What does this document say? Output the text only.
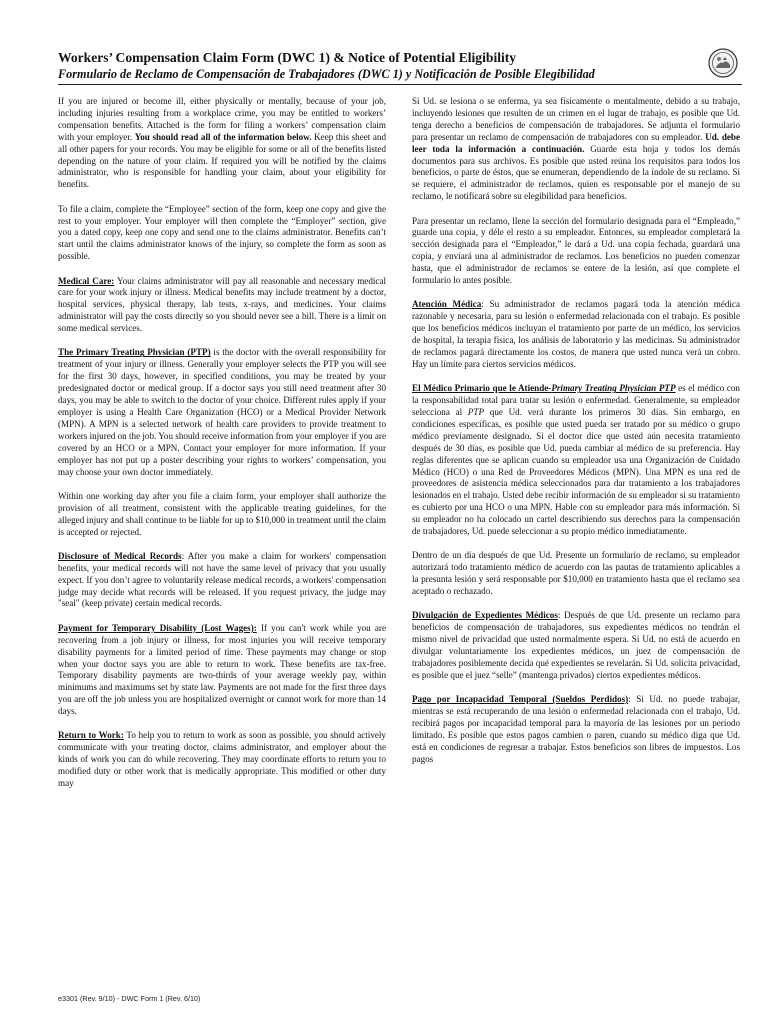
Workers’ Compensation Claim Form (DWC 1) & Notice of Potential Eligibility
Formulario de Reclamo de Compensación de Trabajadores (DWC 1) y Notificación de Posible Elegibilidad

If you are injured or become ill, either physically or mentally, because of your job, including injuries resulting from a workplace crime, you may be entitled to workers’ compensation benefits. Attached is the form for filing a workers’ compensation claim with your employer. You should read all of the information below. Keep this sheet and all other papers for your records. You may be eligible for some or all of the benefits listed depending on the nature of your claim. If required you will be notified by the claims administrator, who is responsible for handling your claim, about your eligibility for benefits.

To file a claim, complete the “Employee” section of the form, keep one copy and give the rest to your employer. Your employer will then complete the “Employer” section, give you a dated copy, keep one copy and send one to the claims administrator. Benefits can’t start until the claims administrator knows of the injury, so complete the form as soon as possible.

Medical Care: Your claims administrator will pay all reasonable and necessary medical care for your work injury or illness. Medical benefits may include treatment by a doctor, hospital services, physical therapy, lab tests, x-rays, and medicines. Your claims administrator will pay the costs directly so you should never see a bill. There is a limit on some medical services.

The Primary Treating Physician (PTP) is the doctor with the overall responsibility for treatment of your injury or illness. Generally your employer selects the PTP you will see for the first 30 days, however, in specified conditions, you may be treated by your predesignated doctor or medical group. If a doctor says you still need treatment after 30 days, you may be able to switch to the doctor of your choice. Different rules apply if your employer is using a Health Care Organization (HCO) or a Medical Provider Network (MPN). A MPN is a selected network of health care providers to provide treatment to workers injured on the job. You should receive information from your employer if you are covered by an HCO or a MPN. Contact your employer for more information. If your employer has not put up a poster describing your rights to workers’ compensation, you may choose your own doctor immediately.

Within one working day after you file a claim form, your employer shall authorize the provision of all treatment, consistent with the applicable treating guidelines, for the alleged injury and shall continue to be liable for up to $10,000 in treatment until the claim is accepted or rejected.

Disclosure of Medical Records: After you make a claim for workers' compensation benefits, your medical records will not have the same level of privacy that you usually expect. If you don’t agree to voluntarily release medical records, a workers' compensation judge may decide what records will be released. If you request privacy, the judge may "seal" (keep private) certain medical records.

Payment for Temporary Disability (Lost Wages): If you can't work while you are recovering from a job injury or illness, for most injuries you will receive temporary disability payments for a limited period of time. These payments may change or stop when your doctor says you are able to return to work. These benefits are tax-free. Temporary disability payments are two-thirds of your average weekly pay, within minimums and maximums set by state law. Payments are not made for the first three days you are off the job unless you are hospitalized overnight or cannot work for more than 14 days.

Return to Work: To help you to return to work as soon as possible, you should actively communicate with your treating doctor, claims administrator, and employer about the kinds of work you can do while recovering. They may coordinate efforts to return you to modified duty or other work that is medically appropriate. This modified or other duty may

Si Ud. se lesiona o se enferma, ya sea físicamente o mentalmente, debido a su trabajo, incluyendo lesiones que resulten de un crimen en el lugar de trabajo, es posible que Ud. tenga derecho a beneficios de compensación de trabajadores. Se adjunta el formulario para presentar un reclamo de compensación de trabajadores con su empleador. Ud. debe leer toda la información a continuación. Guarde esta hoja y todos los demás documentos para sus archivos. Es posible que usted reúna los requisitos para todos los beneficios, o parte de éstos, que se enumeran, dependiendo de la índole de su reclamo. Si se requiere, el administrador de reclamos, quien es responsable por el manejo de su reclamo, le notificará sobre su elegibilidad para beneficios.

Para presentar un reclamo, llene la sección del formulario designada para el “Empleado,” guarde una copia, y déle el resto a su empleador. Entonces, su empleador completará la sección designada para el “Empleador,” le dará a Ud. una copia fechada, guardará una copia, y enviará una al administrador de reclamos. Los beneficios no pueden comenzar hasta, que el administrador de reclamos se entere de la lesión, así que complete el formulario lo antes posible.

Atención Médica: Su administrador de reclamos pagará toda la atención médica razonable y necesaria, para su lesión o enfermedad relacionada con el trabajo. Es posible que los beneficios médicos incluyan el tratamiento por parte de un médico, los servicios de hospital, la terapia física, los análisis de laboratorio y las medicinas. Su administrador de reclamos pagará directamente los costos, de manera que usted nunca verá un cobro. Hay un límite para ciertos servicios médicos.

El Médico Primario que le Atiende-Primary Treating Physician PTP es el médico con la responsabilidad total para tratar su lesión o enfermedad. Generalmente, su empleador selecciona al PTP que Ud. verá durante los primeros 30 días. Sin embargo, en condiciones específicas, es posible que usted pueda ser tratado por su médico o grupo médico previamente designado. Si el doctor dice que usted aún necesita tratamiento después de 30 días, es posible que Ud. pueda cambiar al médico de su preferencia. Hay reglas diferentes que se aplican cuando su empleador usa una Organización de Cuidado Médico (HCO) o una Red de Proveedores Médicos (MPN). Una MPN es una red de proveedores de asistencia médica seleccionados para dar tratamiento a los trabajadores lesionados en el trabajo. Usted debe recibir información de su empleador si su tratamiento es cubierto por una HCO o una MPN. Hable con su empleador para más información. Si su empleador no ha colocado un cartel describiendo sus derechos para la compensación de trabajadores, Ud. puede seleccionar a su propio médico inmediatamente.

Dentro de un día después de que Ud. Presente un formulario de reclamo, su empleador autorizará todo tratamiento médico de acuerdo con las pautas de tratamiento aplicables a la presunta lesión y será responsable por $10,000 en tratamiento hasta que el reclamo sea aceptado o rechazado.

Divulgación de Expedientes Médicos: Después de que Ud. presente un reclamo para beneficios de compensación de trabajadores, sus expedientes médicos no tendrán el mismo nivel de privacidad que usted normalmente espera. Si Ud. no está de acuerdo en divulgar voluntariamente los expedientes médicos, un juez de compensación de trabajadores posiblemente decida qué expedientes se revelarán. Si Ud. solicita privacidad, es posible que el juez “selle” (mantenga privados) ciertos expedientes médicos.

Pago por Incapacidad Temporal (Sueldos Perdidos): Si Ud. no puede trabajar, mientras se está recuperando de una lesión o enfermedad relacionada con el trabajo, Ud. recibirá pagos por incapacidad temporal para la mayoría de las lesiones por un período limitado. Es posible que estos pagos cambien o paren, cuando su médico diga que Ud. está en condiciones de regresar a trabajar. Estos beneficios son libres de impuestos. Los pagos

e3301 (Rev. 9/10) - DWC Form 1 (Rev. 6/10)
